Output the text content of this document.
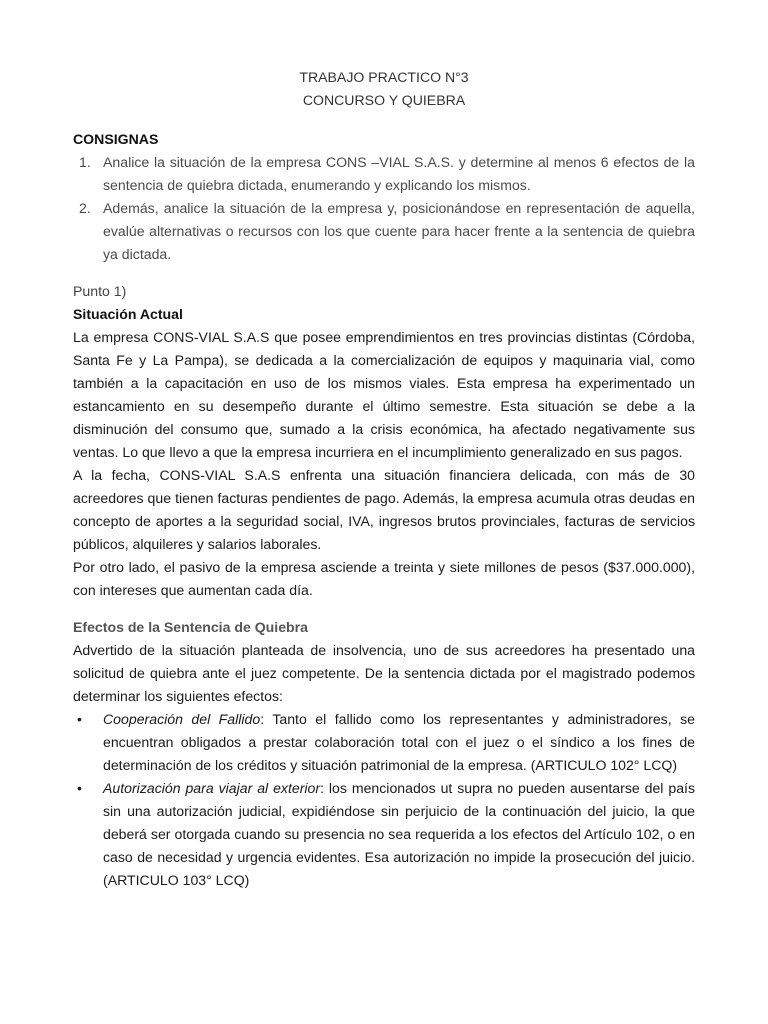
TRABAJO PRACTICO N°3
CONCURSO Y QUIEBRA
CONSIGNAS
1. Analice la situación de la empresa CONS –VIAL S.A.S. y determine al menos 6 efectos de la sentencia de quiebra dictada, enumerando y explicando los mismos.
2. Además, analice la situación de la empresa y, posicionándose en representación de aquella, evalúe alternativas o recursos con los que cuente para hacer frente a la sentencia de quiebra ya dictada.
Punto 1)
Situación Actual

La empresa CONS-VIAL S.A.S que posee emprendimientos en tres provincias distintas (Córdoba, Santa Fe y La Pampa), se dedicada a la comercialización de equipos y maquinaria vial, como también a la capacitación en uso de los mismos viales. Esta empresa ha experimentado un estancamiento en su desempeño durante el último semestre. Esta situación se debe a la disminución del consumo que, sumado a la crisis económica, ha afectado negativamente sus ventas. Lo que llevo a que la empresa incurriera en el incumplimiento generalizado en sus pagos.

A la fecha, CONS-VIAL S.A.S enfrenta una situación financiera delicada, con más de 30 acreedores que tienen facturas pendientes de pago. Además, la empresa acumula otras deudas en concepto de aportes a la seguridad social, IVA, ingresos brutos provinciales, facturas de servicios públicos, alquileres y salarios laborales.

Por otro lado, el pasivo de la empresa asciende a treinta y siete millones de pesos ($37.000.000), con intereses que aumentan cada día.

Efectos de la Sentencia de Quiebra

Advertido de la situación planteada de insolvencia, uno de sus acreedores ha presentado una solicitud de quiebra ante el juez competente. De la sentencia dictada por el magistrado podemos determinar los siguientes efectos:

• Cooperación del Fallido: Tanto el fallido como los representantes y administradores, se encuentran obligados a prestar colaboración total con el juez o el síndico a los fines de determinación de los créditos y situación patrimonial de la empresa. (ARTICULO 102° LCQ)
• Autorización para viajar al exterior: los mencionados ut supra no pueden ausentarse del país sin una autorización judicial, expidiéndose sin perjuicio de la continuación del juicio, la que deberá ser otorgada cuando su presencia no sea requerida a los efectos del Artículo 102, o en caso de necesidad y urgencia evidentes. Esa autorización no impide la prosecución del juicio. (ARTICULO 103° LCQ)
